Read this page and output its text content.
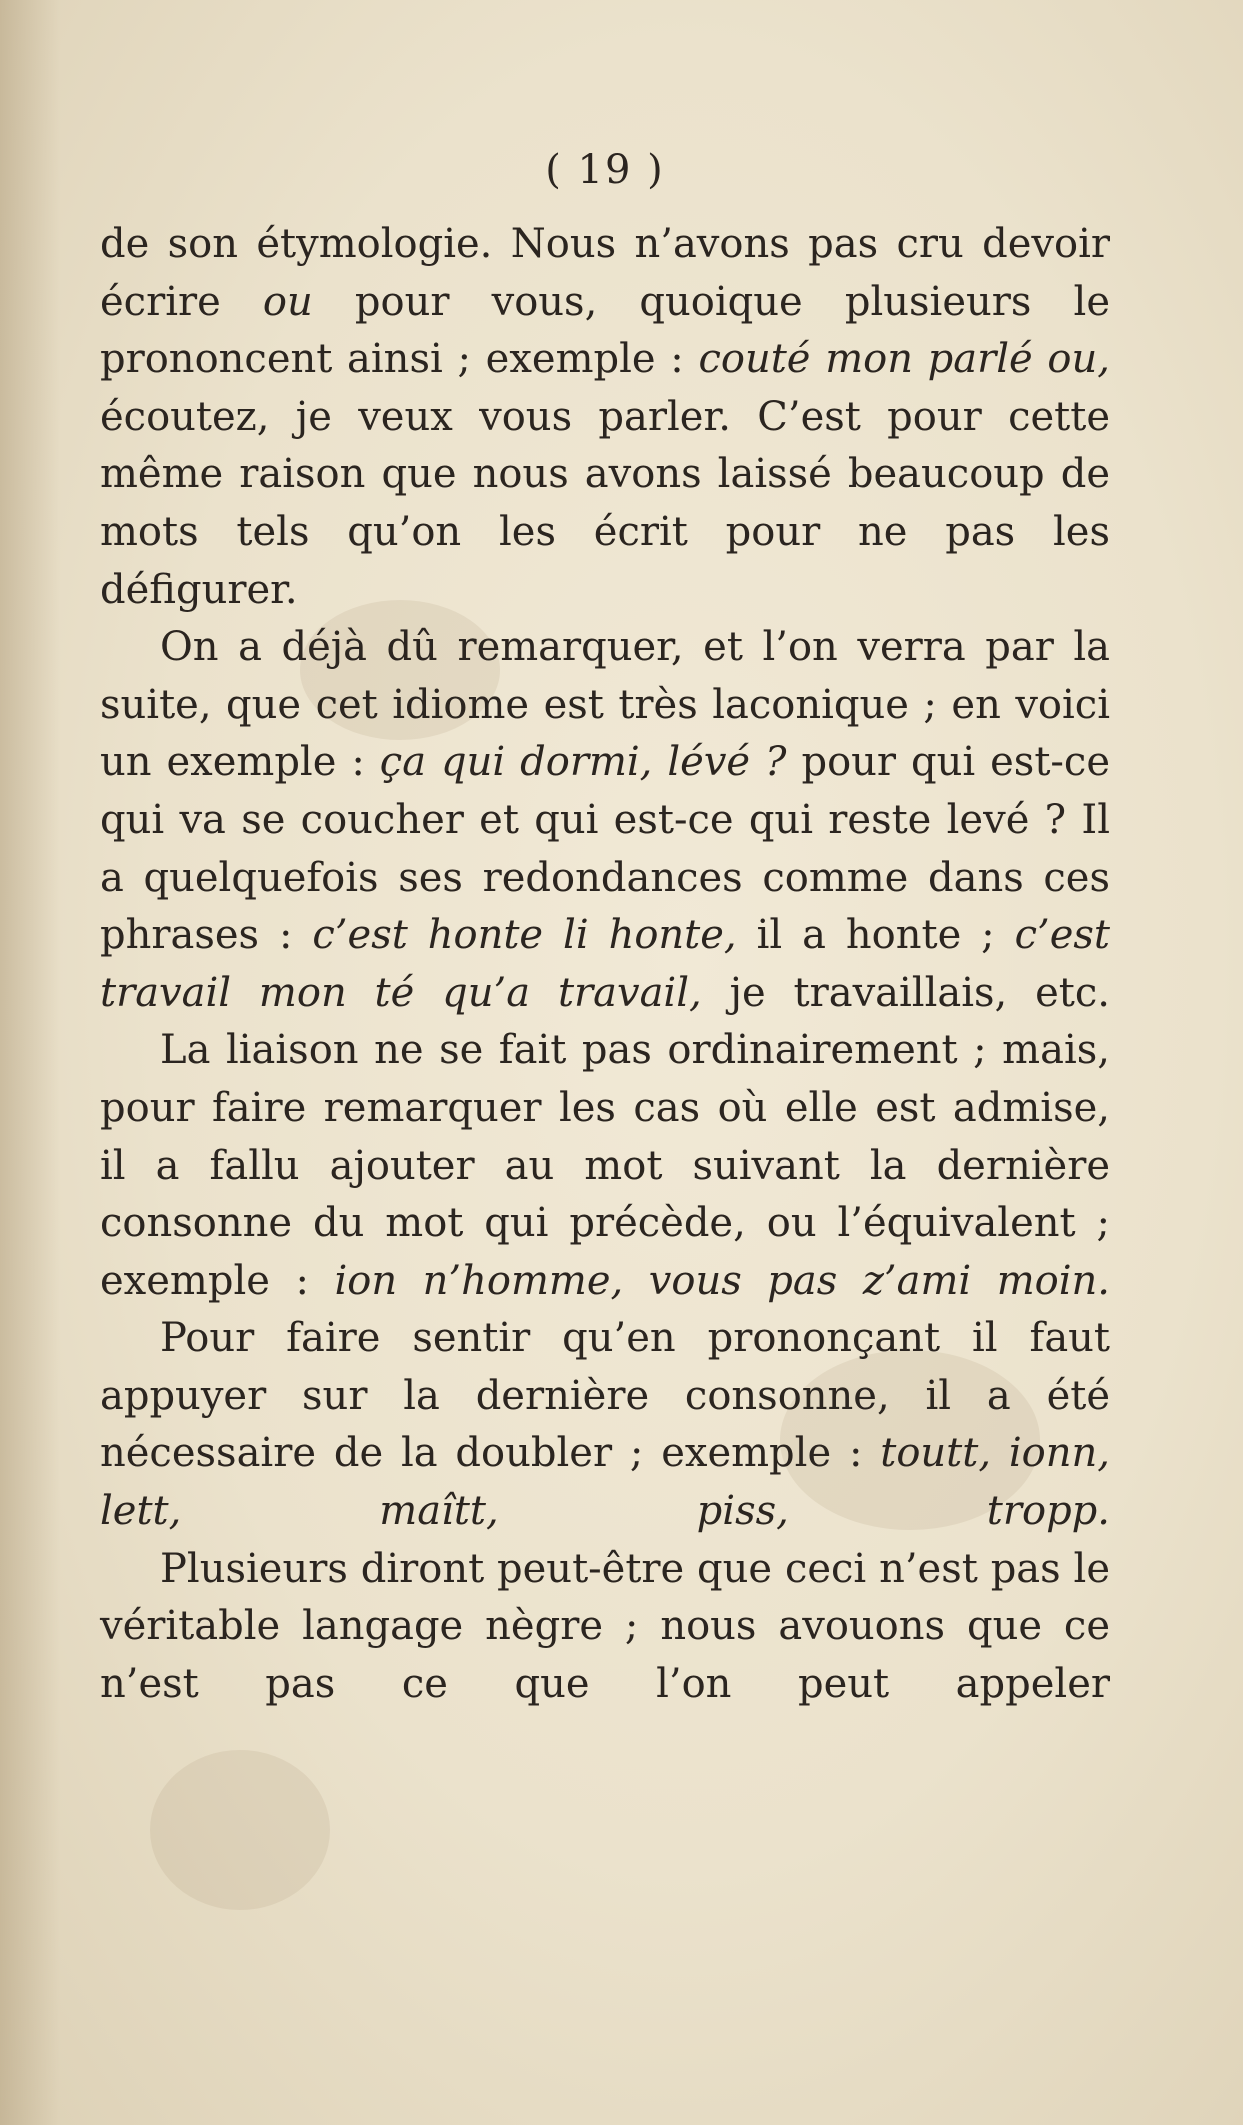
( 19 )

de son étymologie. Nous n’avons pas cru devoir écrire ou pour vous, quoique plusieurs le prononcent ainsi ; exemple : couté mon parlé ou, écoutez, je veux vous parler. C’est pour cette même raison que nous avons laissé beaucoup de mots tels qu’on les écrit pour ne pas les défigurer.

On a déjà dû remarquer, et l’on verra par la suite, que cet idiome est très laconique ; en voici un exemple : ça qui dormi, lévé ? pour qui est-ce qui va se coucher et qui est-ce qui reste levé ? Il a quelquefois ses redondances comme dans ces phrases : c’est honte li honte, il a honte ; c’est travail mon té qu’a travail, je travaillais, etc.

La liaison ne se fait pas ordinairement ; mais, pour faire remarquer les cas où elle est admise, il a fallu ajouter au mot suivant la dernière consonne du mot qui précède, ou l’équivalent ; exemple : ion n’homme, vous pas z’ami moin.

Pour faire sentir qu’en prononçant il faut appuyer sur la dernière consonne, il a été nécessaire de la doubler ; exemple : toutt, ionn, lett, maîtt, piss, tropp.

Plusieurs diront peut-être que ceci n’est pas le véritable langage nègre ; nous avouons que ce n’est pas ce que l’on peut appeler
